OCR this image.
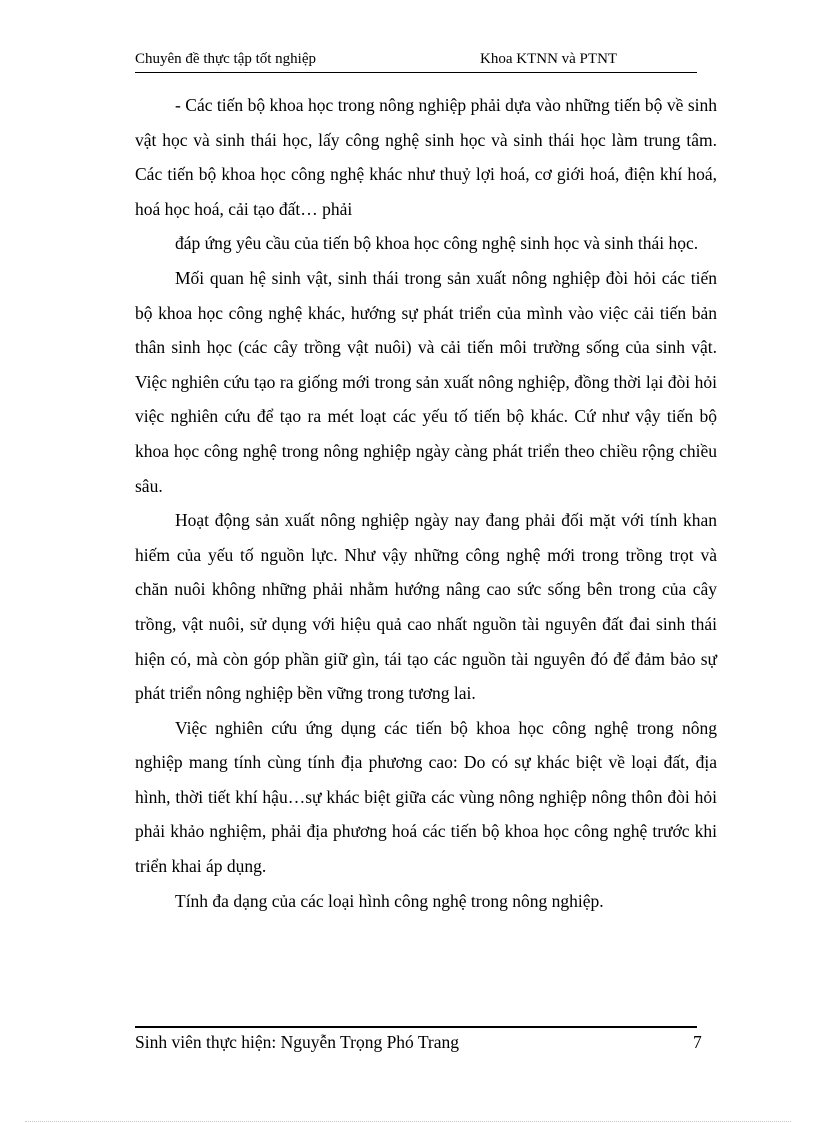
Chuyên đề thực tập tốt nghiệp	Khoa KTNN và PTNT

- Các tiến bộ khoa học trong nông nghiệp phải dựa vào những tiến bộ về sinh vật học và sinh thái học, lấy công nghệ sinh học và sinh thái học làm trung tâm. Các tiến bộ khoa học công nghệ khác như thuỷ lợi hoá, cơ giới hoá, điện khí hoá, hoá học hoá, cải tạo đất… phải

đáp ứng yêu cầu của tiến bộ khoa học công nghệ sinh học và sinh thái học.

Mối quan hệ sinh vật, sinh thái trong sản xuất nông nghiệp đòi hỏi các tiến bộ khoa học công nghệ khác, hướng sự phát triển của mình vào việc cải tiến bản thân sinh học (các cây trồng vật nuôi) và cải tiến môi trường sống của sinh vật. Việc nghiên cứu tạo ra giống mới trong sản xuất nông nghiệp, đồng thời lại đòi hỏi việc nghiên cứu để tạo ra mét loạt các yếu tố tiến bộ khác. Cứ như vậy tiến bộ khoa học công nghệ trong nông nghiệp ngày càng phát triển theo chiều rộng chiều sâu.

Hoạt động sản xuất nông nghiệp ngày nay đang phải đối mặt với tính khan hiếm của yếu tố nguồn lực. Như vậy những công nghệ mới trong trồng trọt và chăn nuôi không những phải nhằm hướng nâng cao sức sống bên trong của cây trồng, vật nuôi, sử dụng với hiệu quả cao nhất nguồn tài nguyên đất đai sinh thái hiện có, mà còn góp phần giữ gìn, tái tạo các nguồn tài nguyên đó để đảm bảo sự phát triển nông nghiệp bền vững trong tương lai.

Việc nghiên cứu ứng dụng các tiến bộ khoa học công nghệ trong nông nghiệp mang tính cùng tính địa phương cao: Do có sự khác biệt về loại đất, địa hình, thời tiết khí hậu…sự khác biệt giữa các vùng nông nghiệp nông thôn đòi hỏi phải khảo nghiệm, phải địa phương hoá các tiến bộ khoa học công nghệ trước khi triển khai áp dụng.

Tính đa dạng của các loại hình công nghệ trong nông nghiệp.

Sinh viên thực hiện: Nguyễn Trọng Phó Trang	7
